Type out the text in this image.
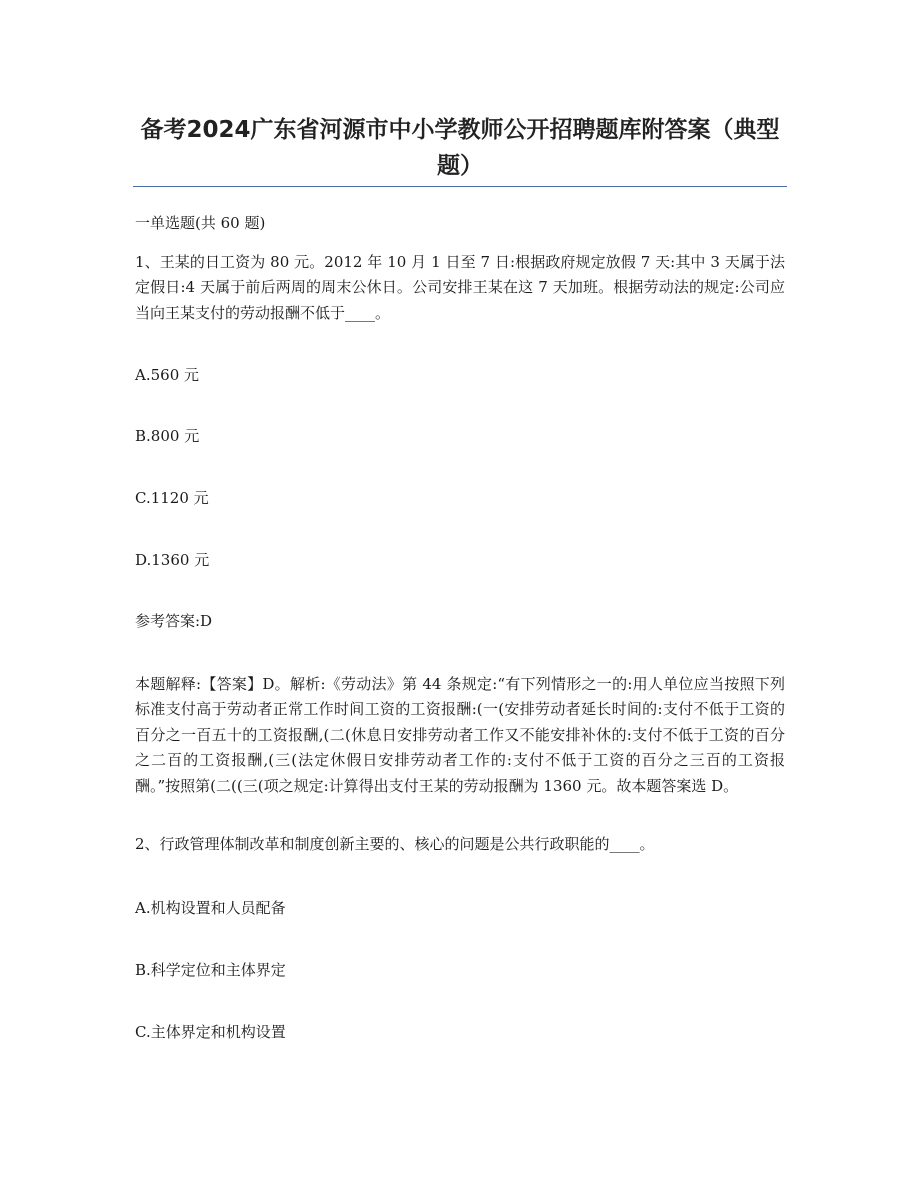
备考2024广东省河源市中小学教师公开招聘题库附答案（典型题）

一单选题(共 60 题)

1、王某的日工资为 80 元。2012 年 10 月 1 日至 7 日:根据政府规定放假 7 天:其中 3 天属于法定假日:4 天属于前后两周的周末公休日。公司安排王某在这 7 天加班。根据劳动法的规定:公司应当向王某支付的劳动报酬不低于____。

A.560 元

B.800 元

C.1120 元

D.1360 元

参考答案:D

本题解释:【答案】D。解析:《劳动法》第 44 条规定:“有下列情形之一的:用人单位应当按照下列标准支付高于劳动者正常工作时间工资的工资报酬:(一(安排劳动者延长时间的:支付不低于工资的百分之一百五十的工资报酬,(二(休息日安排劳动者工作又不能安排补休的:支付不低于工资的百分之二百的工资报酬,(三(法定休假日安排劳动者工作的:支付不低于工资的百分之三百的工资报酬。”按照第(二((三(项之规定:计算得出支付王某的劳动报酬为 1360 元。故本题答案选 D。

2、行政管理体制改革和制度创新主要的、核心的问题是公共行政职能的____。

A.机构设置和人员配备

B.科学定位和主体界定

C.主体界定和机构设置
